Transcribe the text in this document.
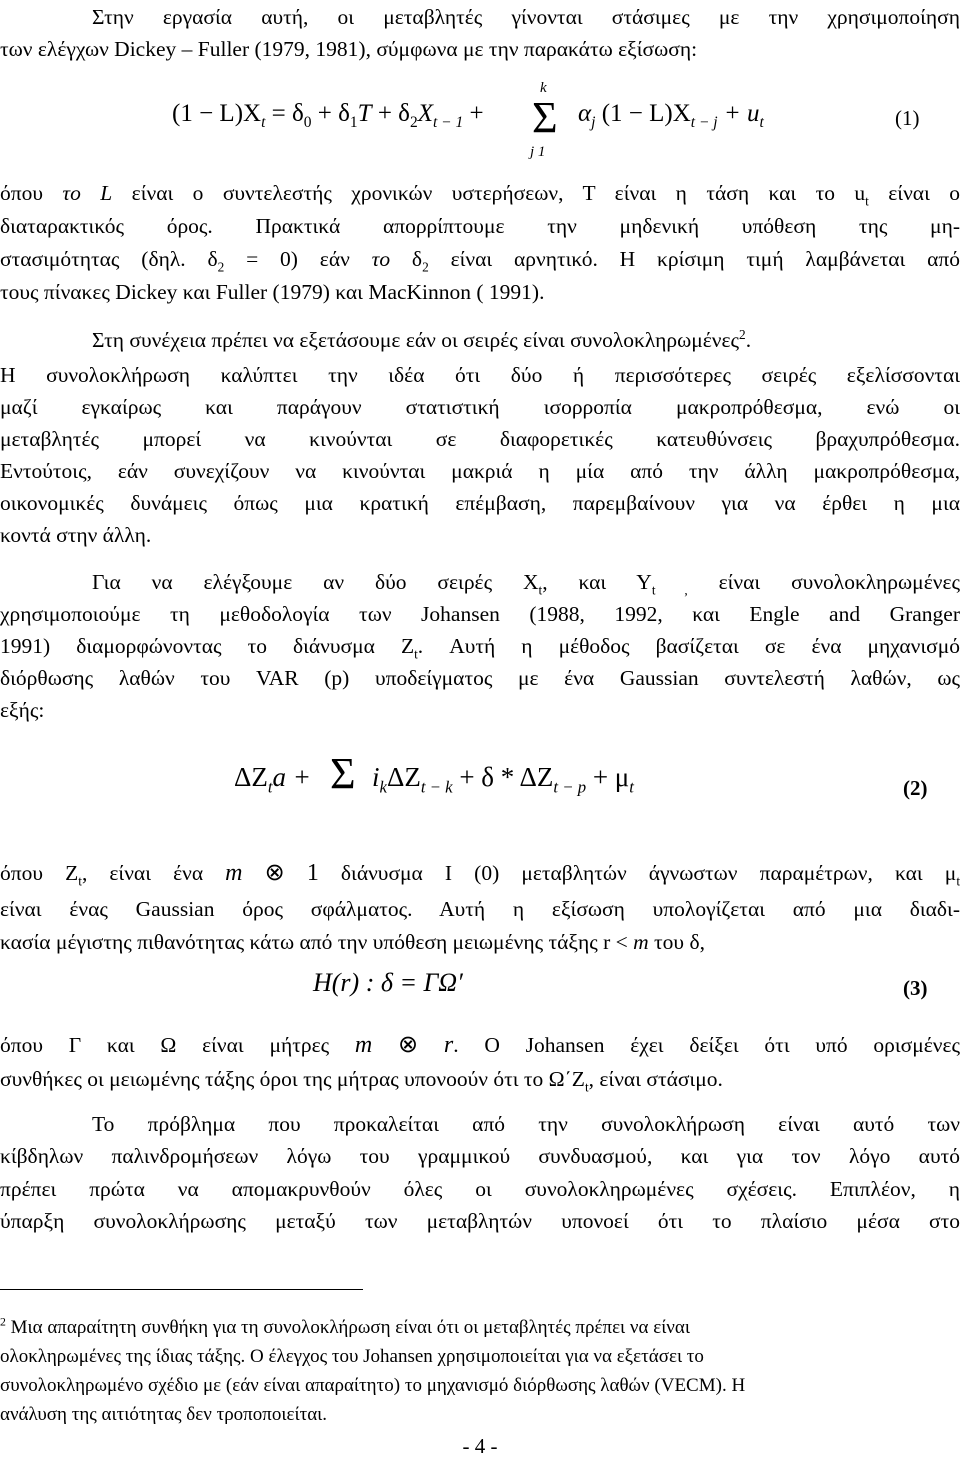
Στην εργασία αυτή, οι μεταβλητές γίνονται στάσιμες με την χρησιμοποίηση
των ελέγχων Dickey – Fuller (1979, 1981), σύμφωνα με την παρακάτω εξίσωση:
$(1 - L)X_t = \delta_0 + \delta_1T + \delta_2X_{t - 1}$ +
k
Σ
j 1
$\alpha_j$ $(1 - L)X_{t - j} + u_t$	(1)
όπου το L είναι ο συντελεστής χρονικών υστερήσεων, Τ είναι η τάση και το $u_t$ είναι ο
διαταρακτικός όρος. Πρακτικά απορρίπτουμε την μηδενική υπόθεση της μη-
στασιμότητας (δηλ. $\delta_2 = 0$) εάν το $\delta_2$ είναι αρνητικό. Η κρίσιμη τιμή λαμβάνεται από
τους πίνακες Dickey και Fuller (1979) και MacKinnon ( 1991).
Στη συνέχεια πρέπει να εξετάσουμε εάν οι σειρές είναι συνολοκληρωμένες$^2$.
Η συνολοκλήρωση καλύπτει την ιδέα ότι δύο ή περισσότερες σειρές εξελίσσονται
μαζί εγκαίρως και παράγουν στατιστική ισορροπία μακροπρόθεσμα, ενώ οι
μεταβλητές μπορεί να κινούνται σε διαφορετικές κατευθύνσεις βραχυπρόθεσμα.
Εντούτοις, εάν συνεχίζουν να κινούνται μακριά η μία από την άλλη μακροπρόθεσμα,
οικονομικές δυνάμεις όπως μια κρατική επέμβαση, παρεμβαίνουν για να έρθει η μια
κοντά στην άλλη.
Για να ελέγξουμε αν δύο σειρές $X_t$, και $\Upsilon_{t ,}$ είναι συνολοκληρωμένες
χρησιμοποιούμε τη μεθοδολογία των Johansen (1988, 1992, και Engle and Granger
1991) διαμορφώνοντας το διάνυσμα $Z_t$. Αυτή η μέθοδος βασίζεται σε ένα μηχανισμό
διόρθωσης λαθών του VAR (p) υποδείγματος με ένα Gaussian συντελεστή λαθών, ως
εξής:
$\Delta Z_ta + \Sigma$ $i_k\Delta Z_{t - k} + \delta * \Delta Z_{t - p} + \mu_t$	(2)
όπου $Z_t$, είναι ένα m ⊗ 1 διάνυσμα Ι (0) μεταβλητών άγνωστων παραμέτρων, και $\mu_t$
είναι ένας Gaussian όρος σφάλματος. Αυτή η εξίσωση υπολογίζεται από μια διαδι-
κασία μέγιστης πιθανότητας κάτω από την υπόθεση μειωμένης τάξης r < m του δ,
H(r) : δ = ΓΩ′	(3)
όπου Γ και Ω είναι μήτρες m ⊗ r. Ο Johansen έχει δείξει ότι υπό ορισμένες
συνθήκες οι μειωμένης τάξης όροι της μήτρας υπονοούν ότι το $\Omega΄Z_t$, είναι στάσιμο.
Το πρόβλημα που προκαλείται από την συνολοκλήρωση είναι αυτό των
κίβδηλων παλινδρομήσεων λόγω του γραμμικού συνδυασμού, και για τον λόγο αυτό
πρέπει πρώτα να απομακρυνθούν όλες οι συνολοκληρωμένες σχέσεις. Επιπλέον, η
ύπαρξη συνολοκλήρωσης μεταξύ των μεταβλητών υπονοεί ότι το πλαίσιο μέσα στο
$^2$ Μια απαραίτητη συνθήκη για τη συνολοκλήρωση είναι ότι οι μεταβλητές πρέπει να είναι
ολοκληρωμένες της ίδιας τάξης. Ο έλεγχος του Johansen χρησιμοποιείται για να εξετάσει το
συνολοκληρωμένο σχέδιο με (εάν είναι απαραίτητο) το μηχανισμό διόρθωσης λαθών (VECM). Η
ανάλυση της αιτιότητας δεν τροποποιείται.
- 4 -
